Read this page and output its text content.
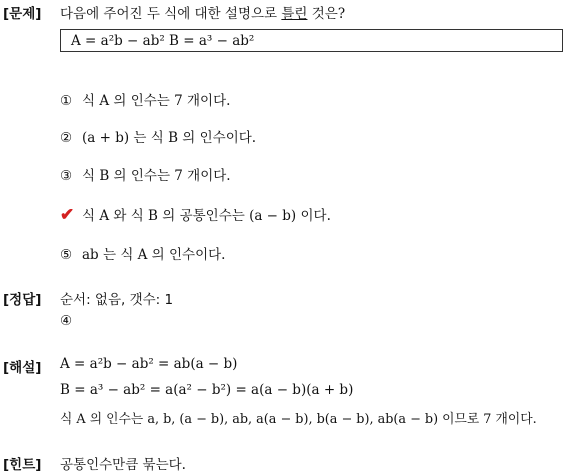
[문제] 다음에 주어진 두 식에 대한 설명으로 틀린 것은?
A = a²b − ab² B = a³ − ab²
① 식 A 의 인수는 7 개이다.
② (a + b) 는 식 B 의 인수이다.
③ 식 B 의 인수는 7 개이다.
✔ 식 A 와 식 B 의 공통인수는 (a − b) 이다.
⑤ ab 는 식 A 의 인수이다.
[정답] 순서: 없음, 갯수: 1
④
[해설] A = a²b − ab² = ab(a − b)
B = a³ − ab² = a(a² − b²) = a(a − b)(a + b)
식 A 의 인수는 a, b, (a − b), ab, a(a − b), b(a − b), ab(a − b) 이므로 7 개이다.
[힌트] 공통인수만큼 묶는다.
